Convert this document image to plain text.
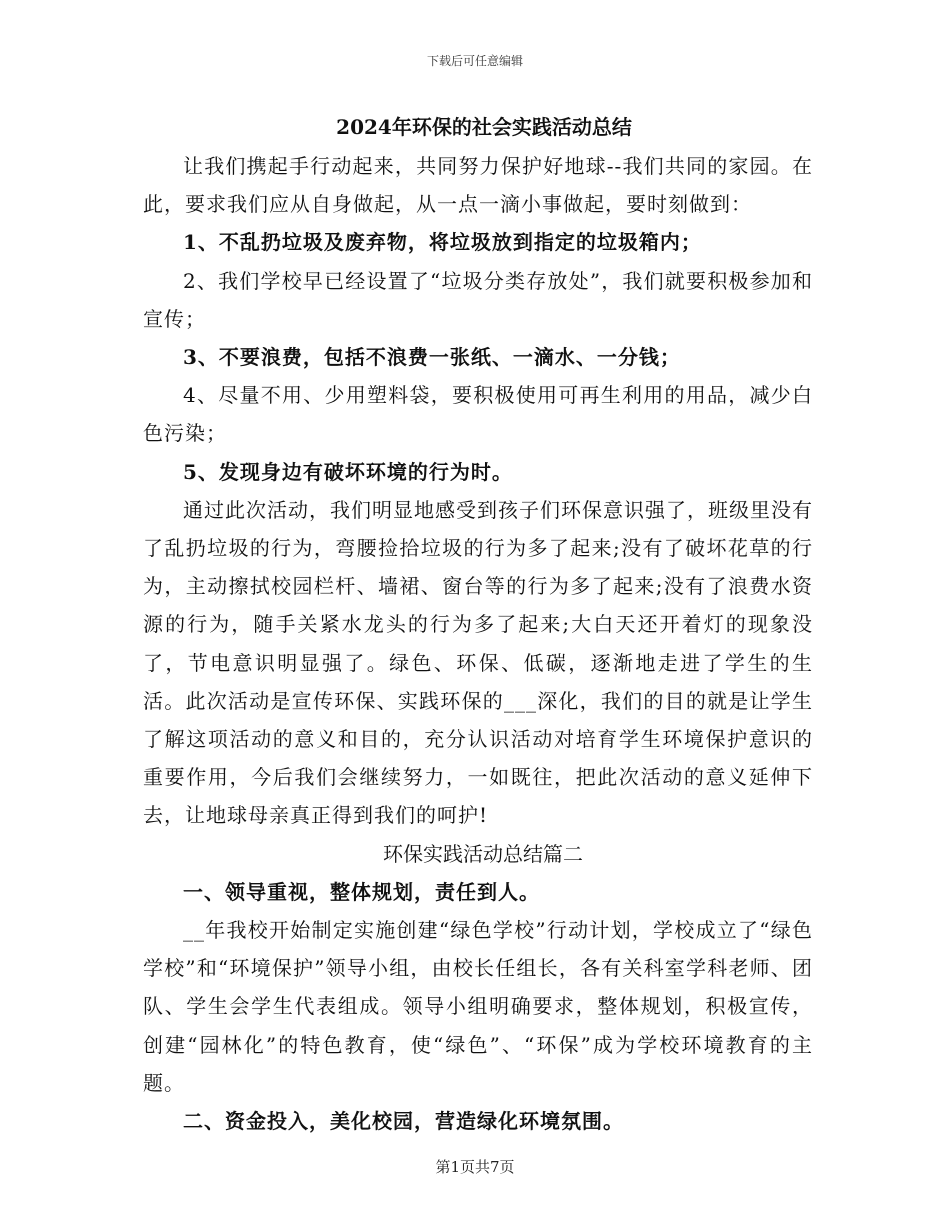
下载后可任意编辑
2024年环保的社会实践活动总结

让我们携起手行动起来，共同努力保护好地球--我们共同的家园。在此，要求我们应从自身做起，从一点一滴小事做起，要时刻做到：

1、不乱扔垃圾及废弃物，将垃圾放到指定的垃圾箱内；

2、我们学校早已经设置了“垃圾分类存放处”，我们就要积极参加和宣传；

3、不要浪费，包括不浪费一张纸、一滴水、一分钱；

4、尽量不用、少用塑料袋，要积极使用可再生利用的用品，减少白色污染；

5、发现身边有破坏环境的行为时。

通过此次活动，我们明显地感受到孩子们环保意识强了，班级里没有了乱扔垃圾的行为，弯腰捡拾垃圾的行为多了起来;没有了破坏花草的行为，主动擦拭校园栏杆、墙裙、窗台等的行为多了起来;没有了浪费水资源的行为，随手关紧水龙头的行为多了起来;大白天还开着灯的现象没了，节电意识明显强了。绿色、环保、低碳，逐渐地走进了学生的生活。此次活动是宣传环保、实践环保的___深化，我们的目的就是让学生了解这项活动的意义和目的，充分认识活动对培育学生环境保护意识的重要作用，今后我们会继续努力，一如既往，把此次活动的意义延伸下去，让地球母亲真正得到我们的呵护!

环保实践活动总结篇二

一、领导重视，整体规划，责任到人。

__年我校开始制定实施创建“绿色学校”行动计划，学校成立了“绿色学校”和“环境保护”领导小组，由校长任组长，各有关科室学科老师、团队、学生会学生代表组成。领导小组明确要求，整体规划，积极宣传，创建“园林化”的特色教育，使“绿色”、“环保”成为学校环境教育的主题。

二、资金投入，美化校园，营造绿化环境氛围。

第1页共7页
